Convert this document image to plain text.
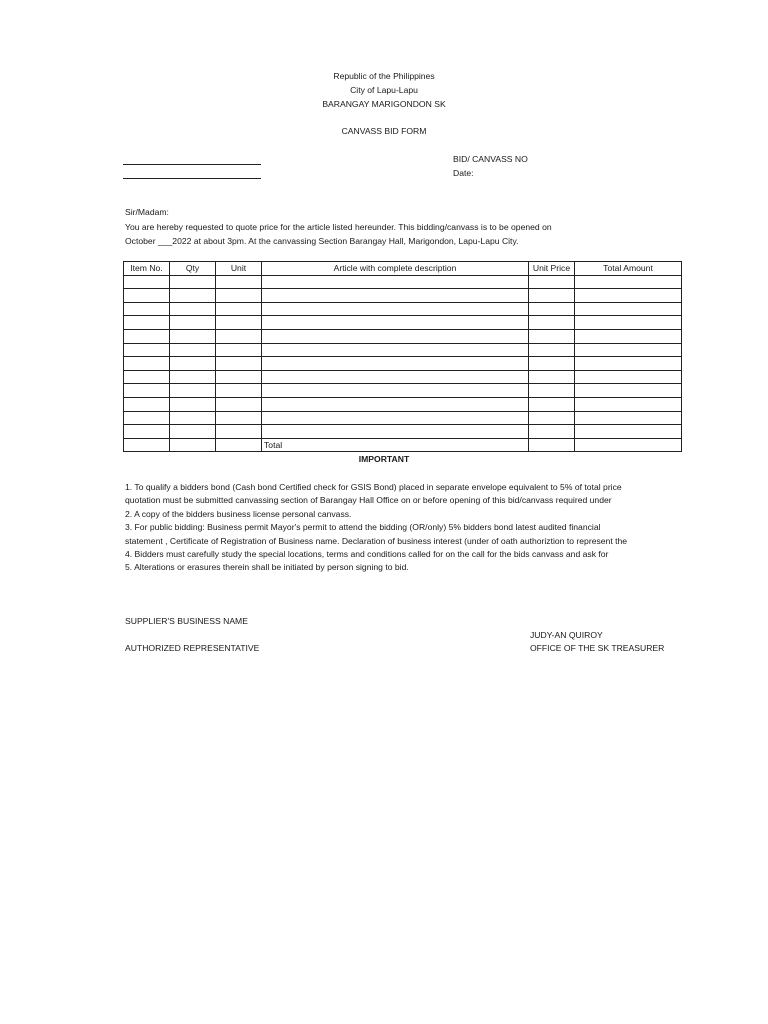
Republic of the Philippines
City of Lapu-Lapu
BARANGAY MARIGONDON SK
CANVASS BID FORM
BID/ CANVASS NO
Date:
Sir/Madam:
You are hereby requested to quote price for the article listed hereunder. This bidding/canvass is to be opened on
October ___2022 at about 3pm. At the canvassing Section Barangay Hall, Marigondon, Lapu-Lapu City.
Item No.	Qty	Unit	Article with complete description	Unit Price	Total Amount

			Total		
IMPORTANT
1. To qualify a bidders bond (Cash bond Certified check for GSIS Bond) placed in separate envelope equivalent to 5% of total price
quotation must be submitted canvassing section of Barangay Hall Office on or before opening of this bid/canvass required under
2. A copy of the bidders business license personal canvass.
3. For public bidding: Business permit Mayor's permit to attend the bidding (OR/only) 5% bidders bond latest audited financial
statement , Certificate of Registration of Business name. Declaration of business interest (under of oath authoriztion to represent the
4. Bidders must carefully study the special locations, terms and conditions called for on the call for the bids canvass and ask for
5. Alterations or erasures therein shall be initiated by person signing to bid.
SUPPLIER'S BUSINESS NAME
JUDY-AN QUIROY
AUTHORIZED REPRESENTATIVE	OFFICE OF THE SK TREASURER
